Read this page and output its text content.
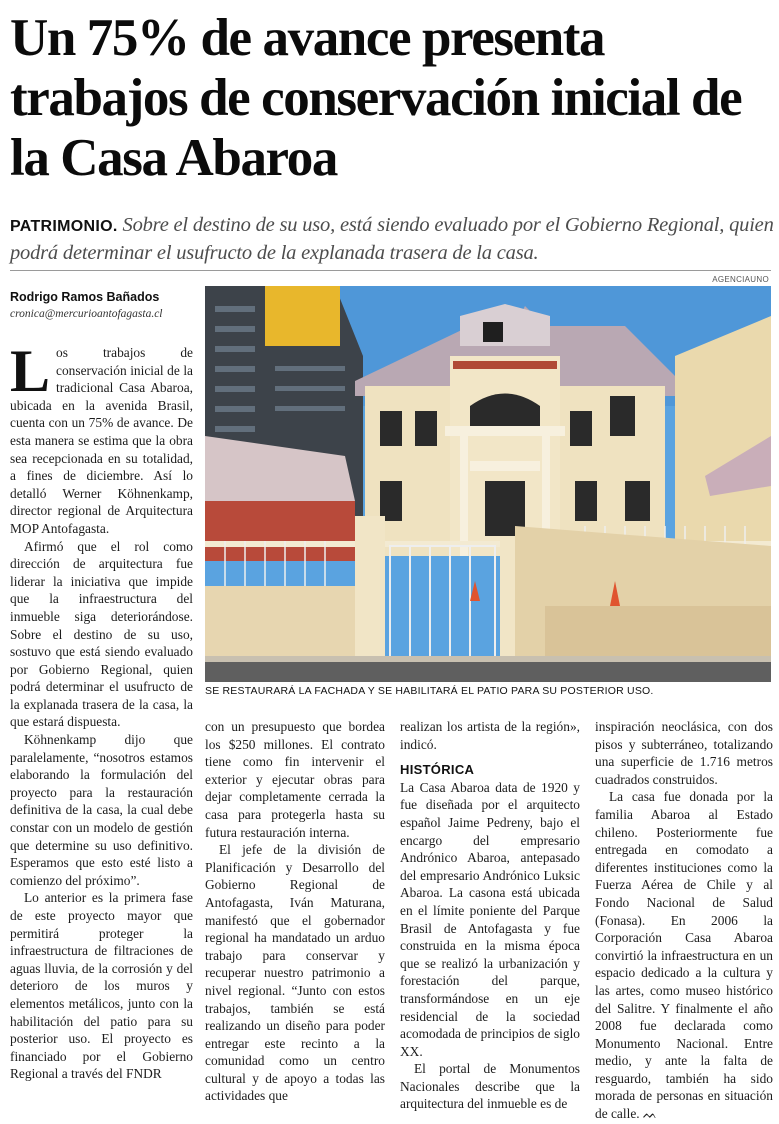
Un 75% de avance presenta trabajos de conservación inicial de la Casa Abaroa
PATRIMONIO. Sobre el destino de su uso, está siendo evaluado por el Gobierno Regional, quien podrá determinar el usufructo de la explanada trasera de la casa.
AGENCIAUNO
Rodrigo Ramos Bañados
cronica@mercurioantofagasta.cl
SE RESTAURARÁ LA FACHADA Y SE HABILITARÁ EL PATIO PARA SU POSTERIOR USO.

Los trabajos de conservación inicial de la tradicional Casa Abaroa, ubicada en la avenida Brasil, cuenta con un 75% de avance. De esta manera se estima que la obra sea recepcionada en su totalidad, a fines de diciembre. Así lo detalló Werner Köhnenkamp, director regional de Arquitectura MOP Antofagasta.

Afirmó que el rol como dirección de arquitectura fue liderar la iniciativa que impide que la infraestructura del inmueble siga deteriorándose. Sobre el destino de su uso, sostuvo que está siendo evaluado por Gobierno Regional, quien podrá determinar el usufructo de la explanada trasera de la casa, la que estará dispuesta.

Köhnenkamp dijo que paralelamente, “nosotros estamos elaborando la formulación del proyecto para la restauración definitiva de la casa, la cual debe constar con un modelo de gestión que determine su uso definitivo. Esperamos que esto esté listo a comienzo del próximo”.

Lo anterior es la primera fase de este proyecto mayor que permitirá proteger la infraestructura de filtraciones de aguas lluvia, de la corrosión y del deterioro de los muros y elementos metálicos, junto con la habilitación del patio para su posterior uso. El proyecto es financiado por el Gobierno Regional a través del FNDR

con un presupuesto que bordea los $250 millones. El contrato tiene como fin intervenir el exterior y ejecutar obras para dejar completamente cerrada la casa para protegerla hasta su futura restauración interna.

El jefe de la división de Planificación y Desarrollo del Gobierno Regional de Antofagasta, Iván Maturana, manifestó que el gobernador regional ha mandatado un arduo trabajo para conservar y recuperar nuestro patrimonio a nivel regional. “Junto con estos trabajos, también se está realizando un diseño para poder entregar este recinto a la comunidad como un centro cultural y de apoyo a todas las actividades que

realizan los artista de la región», indicó.

HISTÓRICA

La Casa Abaroa data de 1920 y fue diseñada por el arquitecto español Jaime Pedreny, bajo el encargo del empresario Andrónico Abaroa, antepasado del empresario Andrónico Luksic Abaroa. La casona está ubicada en el límite poniente del Parque Brasil de Antofagasta y fue construida en la misma época que se realizó la urbanización y forestación del parque, transformándose en un eje residencial de la sociedad acomodada de principios de siglo XX.

El portal de Monumentos Nacionales describe que la arquitectura del inmueble es de

inspiración neoclásica, con dos pisos y subterráneo, totalizando una superficie de 1.716 metros cuadrados construidos.

La casa fue donada por la familia Abaroa al Estado chileno. Posteriormente fue entregada en comodato a diferentes instituciones como la Fuerza Aérea de Chile y al Fondo Nacional de Salud (Fonasa). En 2006 la Corporación Casa Abaroa convirtió la infraestructura en un espacio dedicado a la cultura y las artes, como museo histórico del Salitre. Y finalmente el año 2008 fue declarada como Monumento Nacional. Entre medio, y ante la falta de resguardo, también ha sido morada de personas en situación de calle. ᨓ
